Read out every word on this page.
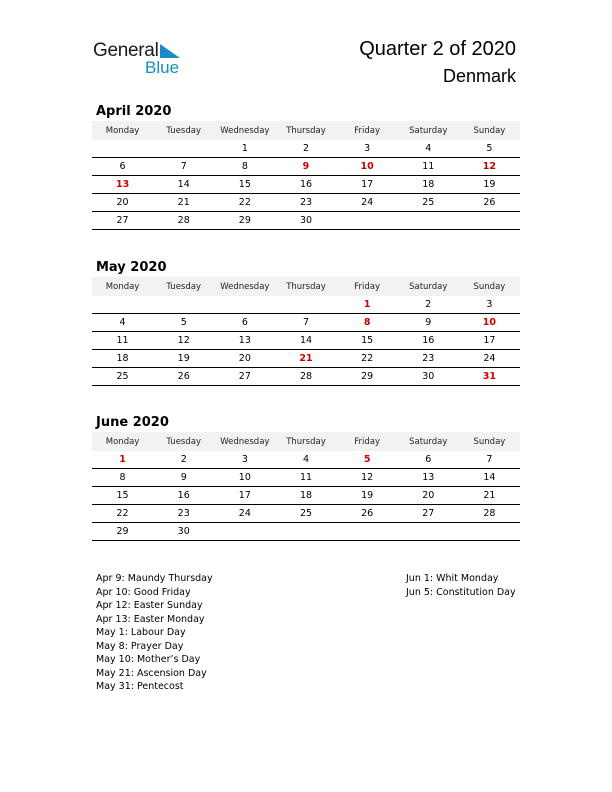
General
Blue
Quarter 2 of 2020
Denmark
April 2020
Monday	Tuesday	Wednesday	Thursday	Friday	Saturday	Sunday
		1	2	3	4	5
6	7	8	9	10	11	12
13	14	15	16	17	18	19
20	21	22	23	24	25	26
27	28	29	30			
May 2020
Monday	Tuesday	Wednesday	Thursday	Friday	Saturday	Sunday
				1	2	3
4	5	6	7	8	9	10
11	12	13	14	15	16	17
18	19	20	21	22	23	24
25	26	27	28	29	30	31
June 2020
Monday	Tuesday	Wednesday	Thursday	Friday	Saturday	Sunday
1	2	3	4	5	6	7
8	9	10	11	12	13	14
15	16	17	18	19	20	21
22	23	24	25	26	27	28
29	30					
Apr 9: Maundy Thursday
Apr 10: Good Friday
Apr 12: Easter Sunday
Apr 13: Easter Monday
May 1: Labour Day
May 8: Prayer Day
May 10: Mother’s Day
May 21: Ascension Day
May 31: Pentecost
Jun 1: Whit Monday
Jun 5: Constitution Day
